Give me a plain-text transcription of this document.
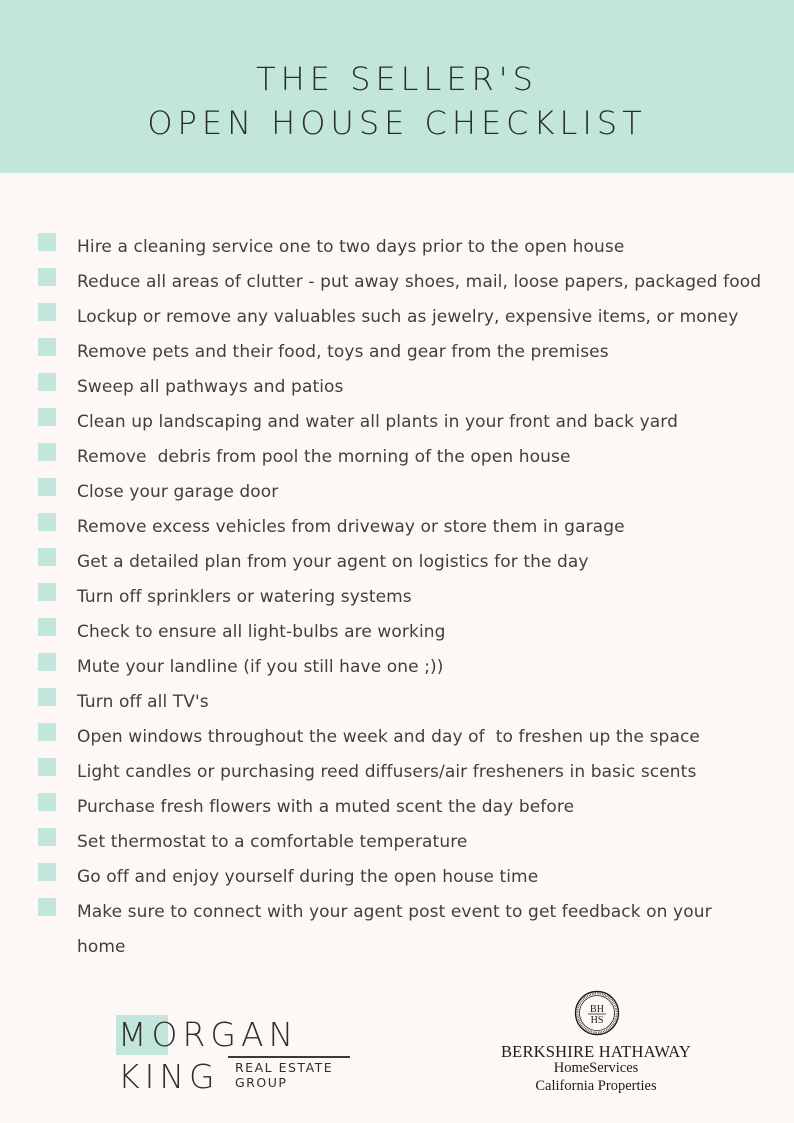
THE SELLER'S
OPEN HOUSE CHECKLIST
Hire a cleaning service one to two days prior to the open house
Reduce all areas of clutter - put away shoes, mail, loose papers, packaged food
Lockup or remove any valuables such as jewelry, expensive items, or money
Remove pets and their food, toys and gear from the premises
Sweep all pathways and patios
Clean up landscaping and water all plants in your front and back yard
Remove  debris from pool the morning of the open house
Close your garage door
Remove excess vehicles from driveway or store them in garage
Get a detailed plan from your agent on logistics for the day
Turn off sprinklers or watering systems
Check to ensure all light-bulbs are working
Mute your landline (if you still have one ;))
Turn off all TV's
Open windows throughout the week and day of  to freshen up the space
Light candles or purchasing reed diffusers/air fresheners in basic scents
Purchase fresh flowers with a muted scent the day before
Set thermostat to a comfortable temperature
Go off and enjoy yourself during the open house time
Make sure to connect with your agent post event to get feedback on your
home
MORGAN
KING REAL ESTATE
GROUP
BH
HS
BERKSHIRE HATHAWAY
HomeServices
California Properties
